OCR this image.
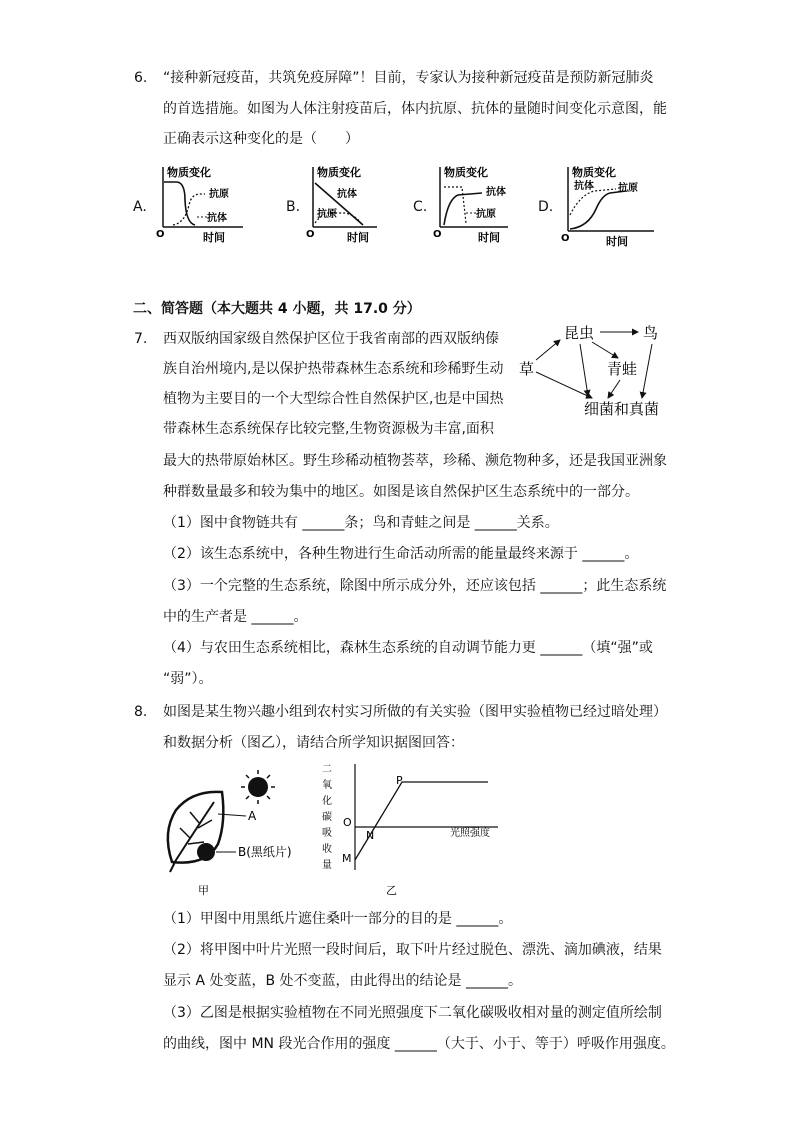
6. “接种新冠疫苗，共筑免疫屏障”！目前，专家认为接种新冠疫苗是预防新冠肺炎
的首选措施。如图为人体注射疫苗后，体内抗原、抗体的量随时间变化示意图，能
正确表示这种变化的是（　　）
A.
物质变化
O	时间
抗原
抗体
B.
物质变化
O	时间
抗体
抗原	C.
物质变化
O	时间
抗体
抗原	D.
物质变化
O	时间
抗体 抗原
二、简答题（本大题共 4 小题，共 17.0 分）
7. 西双版纳国家级自然保护区位于我省南部的西双版纳傣
族自治州境内,是以保护热带森林生态系统和珍稀野生动
植物为主要目的一个大型综合性自然保护区,也是中国热
带森林生态系统保存比较完整,生物资源极为丰富,面积
最大的热带原始林区。野生珍稀动植物荟萃，珍稀、濒危物种多，还是我国亚洲象
种群数量最多和较为集中的地区。如图是该自然保护区生态系统中的一部分。
（1）图中食物链共有 ______条；鸟和青蛙之间是 ______关系。
（2）该生态系统中，各种生物进行生命活动所需的能量最终来源于 ______。
（3）一个完整的生态系统，除图中所示成分外，还应该包括 ______；此生态系统
中的生产者是 ______。
（4）与农田生态系统相比，森林生态系统的自动调节能力更 ______（填“强”或
“弱”）。
草
昆虫	鸟
青蛙
细菌和真菌
8. 如图是某生物兴趣小组到农村实习所做的有关实验（图甲实验植物已经过暗处理）
和数据分析（图乙），请结合所学知识据图回答：
A
B(黑纸片)
甲
二
氧
化
碳
吸
收
量
O
M
N
P
光照强度
乙
（1）甲图中用黑纸片遮住桑叶一部分的目的是 ______。
（2）将甲图中叶片光照一段时间后，取下叶片经过脱色、漂洗、滴加碘液，结果
显示 A 处变蓝，B 处不变蓝，由此得出的结论是 ______。
（3）乙图是根据实验植物在不同光照强度下二氧化碳吸收相对量的测定值所绘制
的曲线，图中 MN 段光合作用的强度 ______（大于、小于、等于）呼吸作用强度。
